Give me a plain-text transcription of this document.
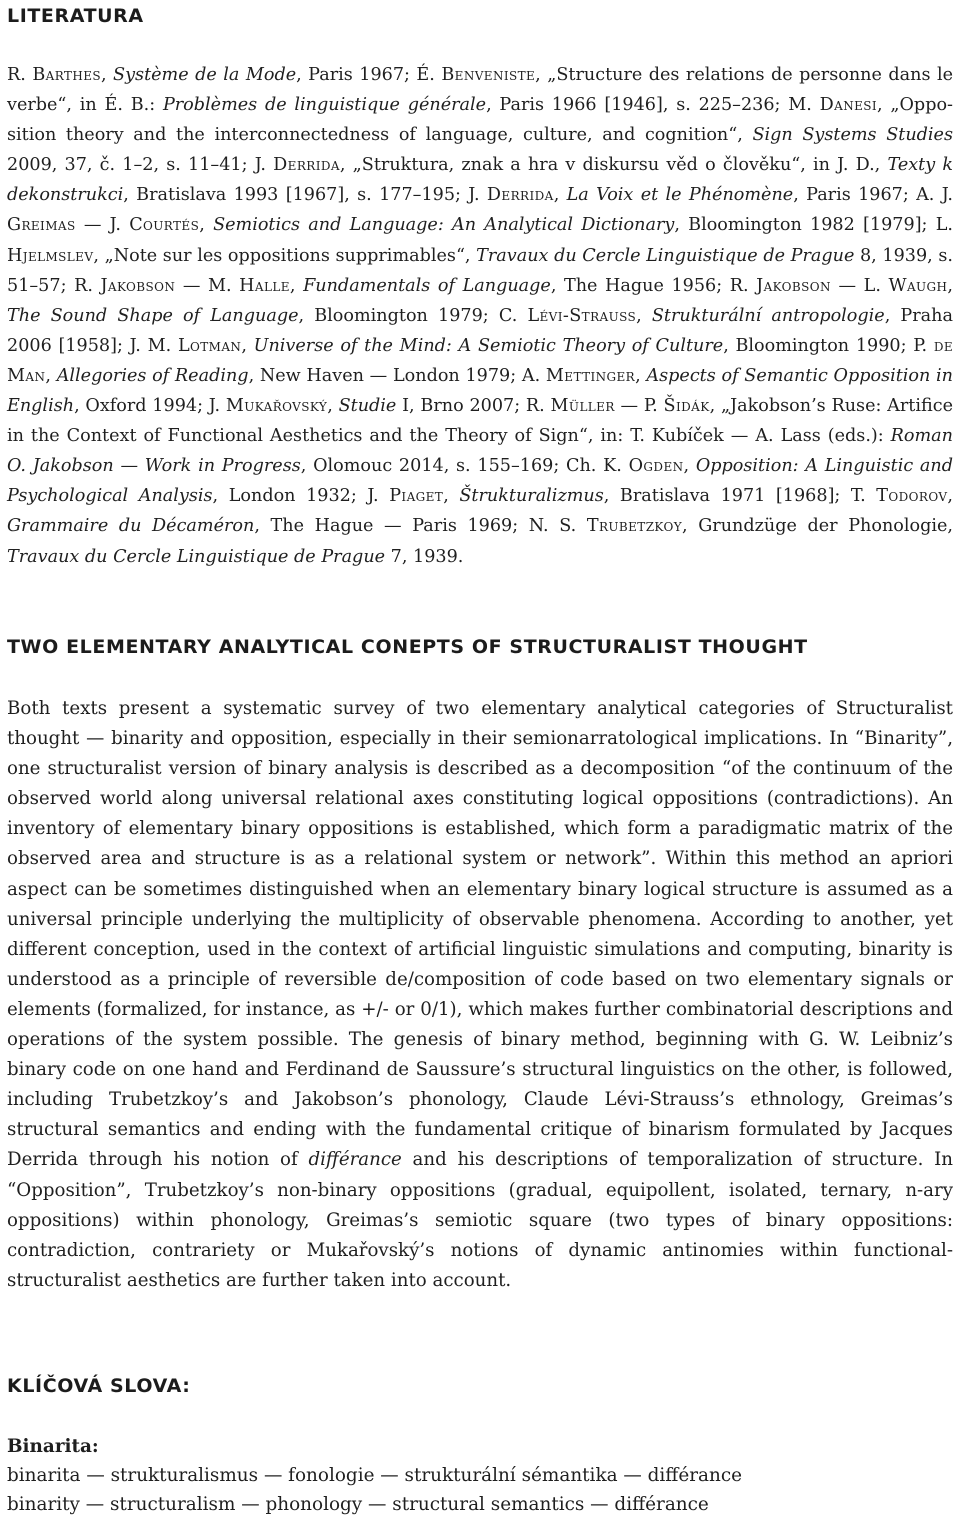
LITERATURA

R. Barthes, Système de la Mode, Paris 1967; É. Benveniste, „Structure des relations de personne dans le verbe“, in É. B.: Problèmes de linguistique générale, Paris 1966 [1946], s. 225–236; M. Danesi, „Opposition theory and the interconnectedness of language, culture, and cognition“, Sign Systems Studies 2009, 37, č. 1–2, s. 11–41; J. Derrida, „Struktura, znak a hra v diskursu věd o člověku“, in J. D., Texty k dekonstrukci, Bratislava 1993 [1967], s. 177–195; J. Derrida, La Voix et le Phénomène, Paris 1967; A. J. Greimas — J. Courtés, Semiotics and Language: An Analytical Dictionary, Bloomington 1982 [1979]; L. Hjelmslev, „Note sur les oppositions supprimables“, Travaux du Cercle Linguistique de Prague 8, 1939, s. 51–57; R. Jakobson — M. Halle, Fundamentals of Language, The Hague 1956; R. Jakobson — L. Waugh, The Sound Shape of Language, Bloomington 1979; C. Lévi-Strauss, Strukturální antropologie, Praha 2006 [1958]; J. M. Lotman, Universe of the Mind: A Semiotic Theory of Culture, Bloomington 1990; P. de Man, Allegories of Reading, New Haven — London 1979; A. Mettinger, Aspects of Semantic Opposition in English, Oxford 1994; J. Mukařovský, Studie I, Brno 2007; R. Müller — P. Šidák, „Jakobson’s Ruse: Artifice in the Context of Functional Aesthetics and the Theory of Sign“, in: T. Kubíček — A. Lass (eds.): Roman O. Jakobson — Work in Progress, Olomouc 2014, s. 155–169; Ch. K. Ogden, Opposition: A Linguistic and Psychological Analysis, London 1932; J. Piaget, Štrukturalizmus, Bratislava 1971 [1968]; T. Todorov, Grammaire du Décaméron, The Hague — Paris 1969; N. S. Trubetzkoy, Grundzüge der Phonologie, Travaux du Cercle Linguistique de Prague 7, 1939.

TWO ELEMENTARY ANALYTICAL CONEPTS OF STRUCTURALIST THOUGHT

Both texts present a systematic survey of two elementary analytical categories of Structuralist thought — binarity and opposition, especially in their semionarratological implications. In “Binarity”, one structuralist version of binary analysis is described as a decomposition “of the continuum of the observed world along universal relational axes constituting logical oppositions (contradictions). An inventory of elementary binary oppositions is established, which form a paradigmatic matrix of the observed area and structure is as a relational system or network”. Within this method an apriori aspect can be sometimes distinguished when an elementary binary logical structure is assumed as a universal principle underlying the multiplicity of observable phenomena. According to another, yet different conception, used in the context of artificial linguistic simulations and computing, binarity is understood as a principle of reversible de/composition of code based on two elementary signals or elements (formalized, for instance, as +/- or 0/1), which makes further combinatorial descriptions and operations of the system possible. The genesis of binary method, beginning with G. W. Leibniz’s binary code on one hand and Ferdinand de Saussure’s structural linguistics on the other, is followed, including Trubetzkoy’s and Jakobson’s phonology, Claude Lévi-Strauss’s ethnology, Greimas’s structural semantics and ending with the fundamental critique of binarism formulated by Jacques Derrida through his notion of différance and his descriptions of temporalization of structure. In “Opposition”, Trubetzkoy’s non-binary oppositions (gradual, equipollent, isolated, ternary, n-ary oppositions) within phonology, Greimas’s semiotic square (two types of binary oppositions: contradiction, contrariety or Mukařovský’s notions of dynamic antinomies within functional-structuralist aesthetics are further taken into account.

KLÍČOVÁ SLOVA:
Binarita:
binarita — strukturalismus — fonologie — strukturální sémantika — différance
binarity — structuralism — phonology — structural semantics — différance
